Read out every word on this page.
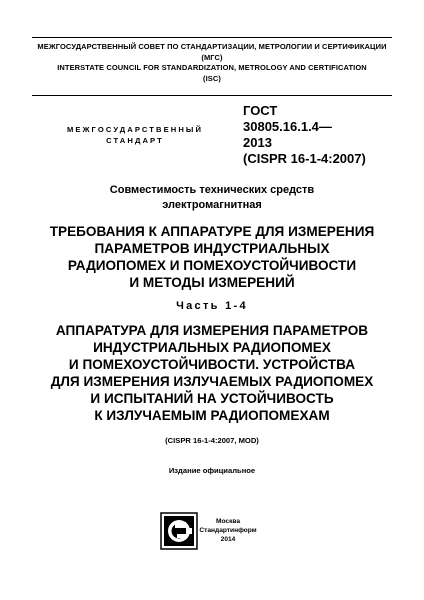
МЕЖГОСУДАРСТВЕННЫЙ СОВЕТ ПО СТАНДАРТИЗАЦИИ, МЕТРОЛОГИИ И СЕРТИФИКАЦИИ
(МГС)
INTERSTATE COUNCIL FOR STANDARDIZATION, METROLOGY AND CERTIFICATION
(ISC)
МЕЖГОСУДАРСТВЕННЫЙ
СТАНДАРТ
ГОСТ
30805.16.1.4—
2013
(CISPR 16-1-4:2007)
Совместимость технических средств
электромагнитная
ТРЕБОВАНИЯ К АППАРАТУРЕ ДЛЯ ИЗМЕРЕНИЯ
ПАРАМЕТРОВ ИНДУСТРИАЛЬНЫХ
РАДИОПОМЕХ И ПОМЕХОУСТОЙЧИВОСТИ
И МЕТОДЫ ИЗМЕРЕНИЙ
Часть 1-4
АППАРАТУРА ДЛЯ ИЗМЕРЕНИЯ ПАРАМЕТРОВ
ИНДУСТРИАЛЬНЫХ РАДИОПОМЕХ
И ПОМЕХОУСТОЙЧИВОСТИ. УСТРОЙСТВА
ДЛЯ ИЗМЕРЕНИЯ ИЗЛУЧАЕМЫХ РАДИОПОМЕХ
И ИСПЫТАНИЙ НА УСТОЙЧИВОСТЬ
К ИЗЛУЧАЕМЫМ РАДИОПОМЕХАМ
(CISPR 16-1-4:2007, MOD)
Издание официальное
Москва
Стандартинформ
2014
